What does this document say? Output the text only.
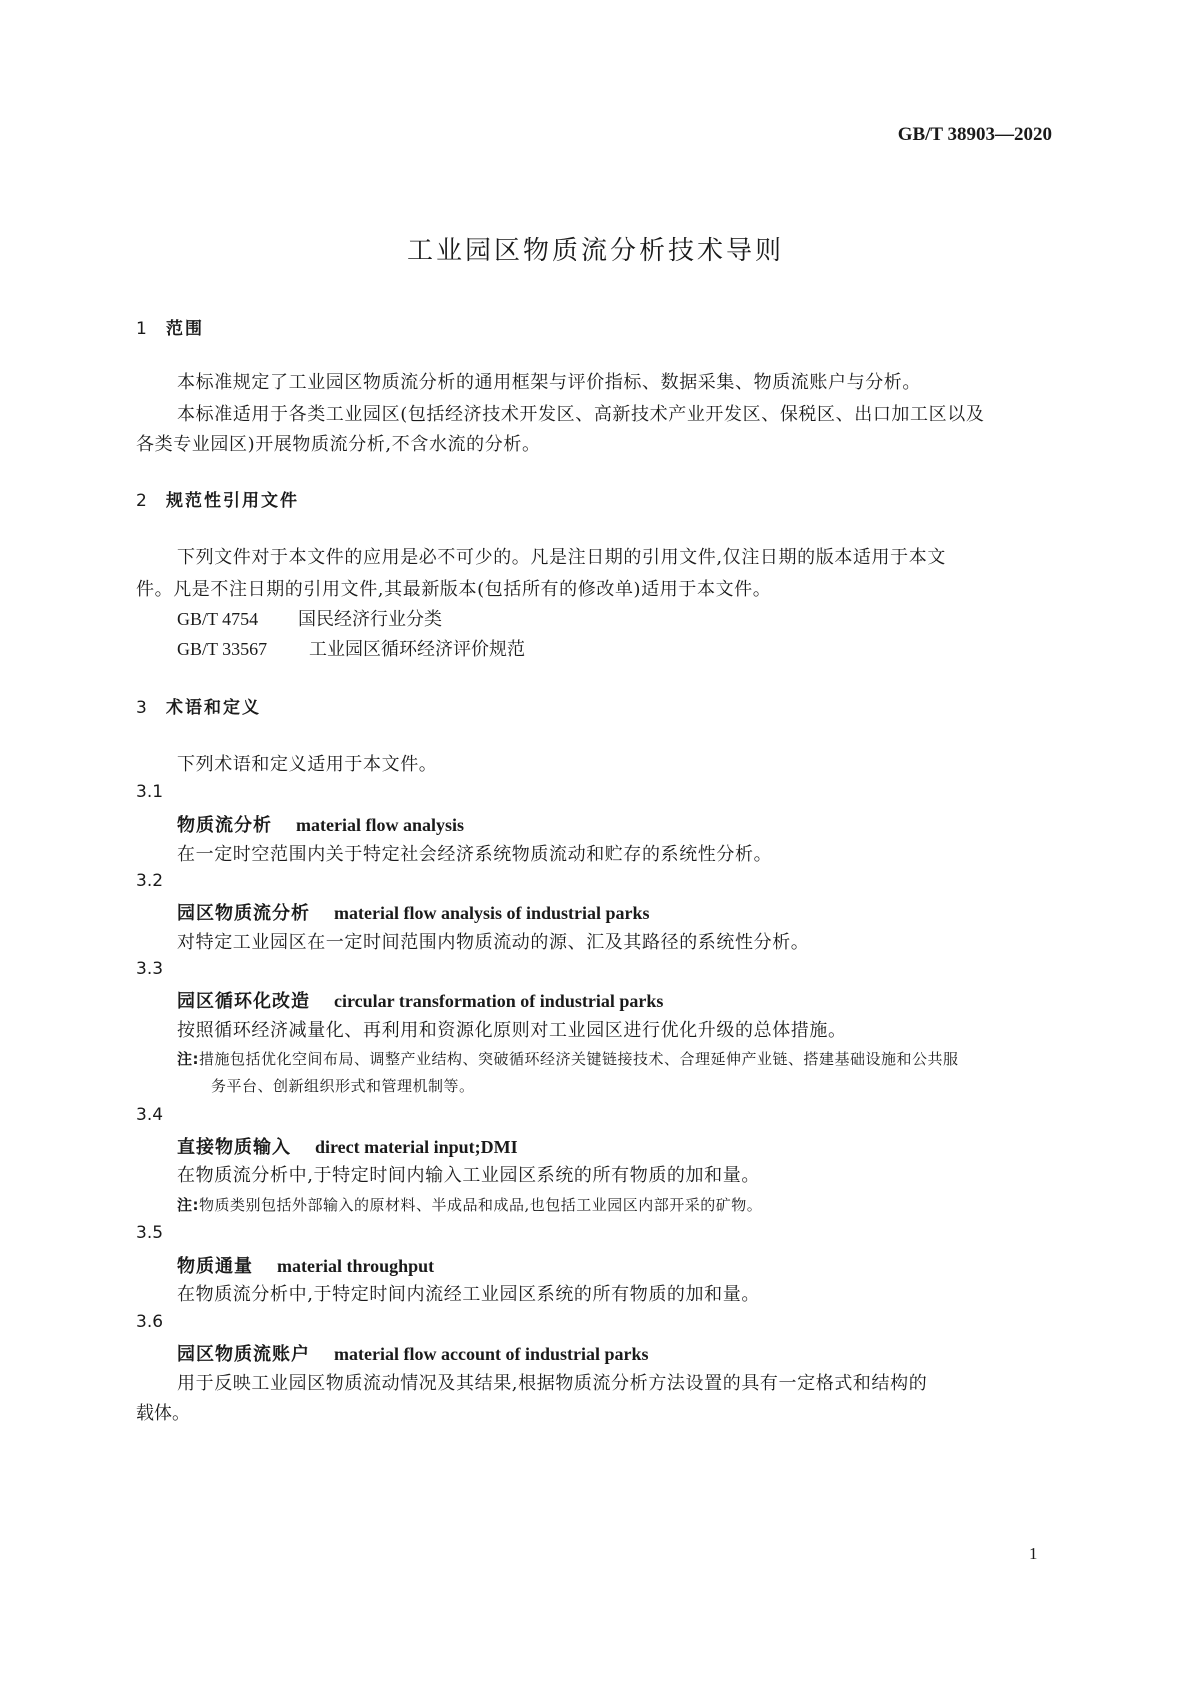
GB/T 38903—2020
工业园区物质流分析技术导则
1 范围
本标准规定了工业园区物质流分析的通用框架与评价指标、数据采集、物质流账户与分析。
本标准适用于各类工业园区(包括经济技术开发区、高新技术产业开发区、保税区、出口加工区以及
各类专业园区)开展物质流分析,不含水流的分析。
2 规范性引用文件
下列文件对于本文件的应用是必不可少的。凡是注日期的引用文件,仅注日期的版本适用于本文
件。凡是不注日期的引用文件,其最新版本(包括所有的修改单)适用于本文件。
GB/T 4754 国民经济行业分类
GB/T 33567 工业园区循环经济评价规范
3 术语和定义
下列术语和定义适用于本文件。
3.1
物质流分析 material flow analysis
在一定时空范围内关于特定社会经济系统物质流动和贮存的系统性分析。
3.2
园区物质流分析 material flow analysis of industrial parks
对特定工业园区在一定时间范围内物质流动的源、汇及其路径的系统性分析。
3.3
园区循环化改造 circular transformation of industrial parks
按照循环经济减量化、再利用和资源化原则对工业园区进行优化升级的总体措施。
注:措施包括优化空间布局、调整产业结构、突破循环经济关键链接技术、合理延伸产业链、搭建基础设施和公共服
务平台、创新组织形式和管理机制等。
3.4
直接物质输入 direct material input;DMI
在物质流分析中,于特定时间内输入工业园区系统的所有物质的加和量。
注:物质类别包括外部输入的原材料、半成品和成品,也包括工业园区内部开采的矿物。
3.5
物质通量 material throughput
在物质流分析中,于特定时间内流经工业园区系统的所有物质的加和量。
3.6
园区物质流账户 material flow account of industrial parks
用于反映工业园区物质流动情况及其结果,根据物质流分析方法设置的具有一定格式和结构的
载体。
1
